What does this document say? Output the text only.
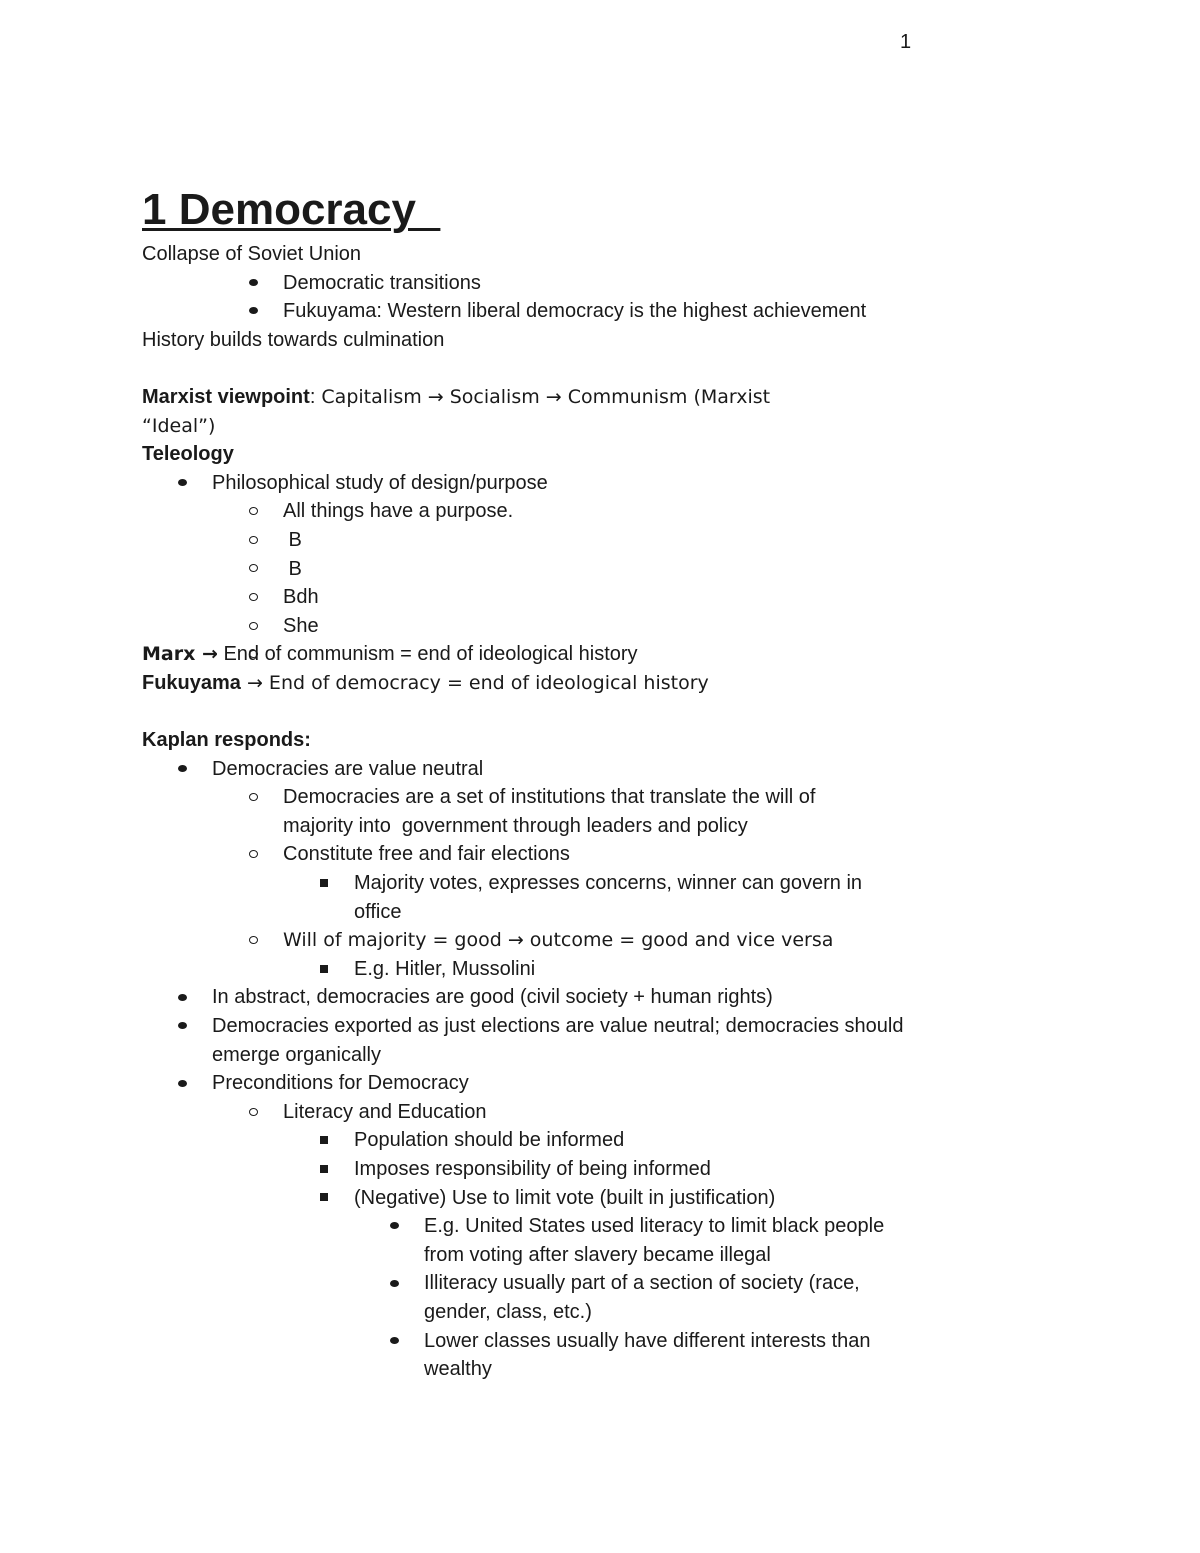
1
1 Democracy
Collapse of Soviet Union
Democratic transitions
Fukuyama: Western liberal democracy is the highest achievement
History builds towards culmination
Marxist viewpoint: Capitalism → Socialism → Communism (Marxist
“Ideal”)
Teleology
Philosophical study of design/purpose
All things have a purpose.
B
B
Bdh
She
Marx → End of communism = end of ideological history
Fukuyama → End of democracy = end of ideological history
Kaplan responds:
Democracies are value neutral
Democracies are a set of institutions that translate the will of majority into  government through leaders and policy
Constitute free and fair elections
Majority votes, expresses concerns, winner can govern in office
Will of majority = good → outcome = good and vice versa
E.g. Hitler, Mussolini
In abstract, democracies are good (civil society + human rights)
Democracies exported as just elections are value neutral; democracies should emerge organically
Preconditions for Democracy
Literacy and Education
Population should be informed
Imposes responsibility of being informed
(Negative) Use to limit vote (built in justification)
E.g. United States used literacy to limit black people from voting after slavery became illegal
Illiteracy usually part of a section of society (race, gender, class, etc.)
Lower classes usually have different interests than wealthy
